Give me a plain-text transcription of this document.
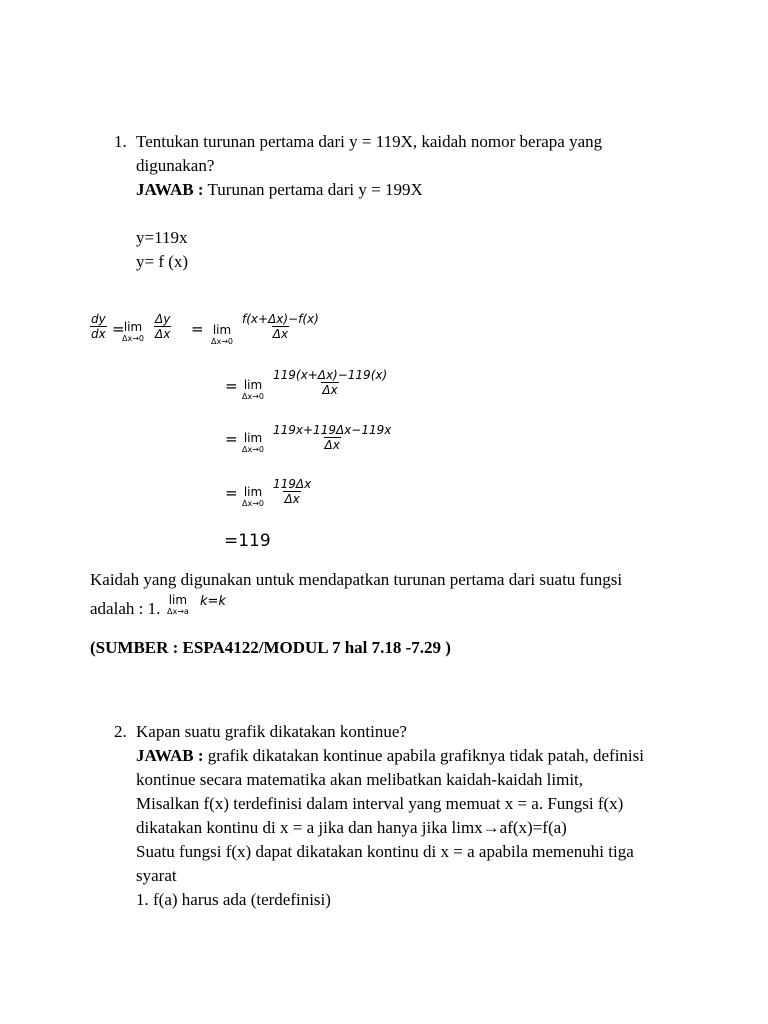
1. Tentukan turunan pertama dari y = 119X, kaidah nomor berapa yang
digunakan?
JAWAB : Turunan pertama dari y = 199X
y=119x
y= f (x)
$\frac{dy}{dx} = \lim$
$\Delta x\to 0 \frac{\Delta y}{\Delta x} = \lim$
Δx→0
$\frac{f(x+\Delta x)-f(x)}{\Delta x}$
= lim
$\Delta x\to 0 \frac{119(x+\Delta x)-119(x)}{\Delta x}$
= lim
$\Delta x\to 0 \frac{119x+119\Delta x-119x}{\Delta x}$
= lim
$\Delta x\to 0 \frac{119\Delta x}{\Delta x}$
=119
Kaidah yang digunakan untuk mendapatkan turunan pertama dari suatu fungsi
adalah : 1. lim
Δx→a
k=k
(SUMBER : ESPA4122/MODUL 7 hal 7.18 -7.29 )
2. Kapan suatu grafik dikatakan kontinue?
JAWAB : grafik dikatakan kontinue apabila grafiknya tidak patah, definisi
kontinue secara matematika akan melibatkan kaidah-kaidah limit,
Misalkan f(x) terdefinisi dalam interval yang memuat x = a. Fungsi f(x)
dikatakan kontinu di x = a jika dan hanya jika limx→af(x)=f(a)
Suatu fungsi f(x) dapat dikatakan kontinu di x = a apabila memenuhi tiga
syarat
1. f(a) harus ada (terdefinisi)
